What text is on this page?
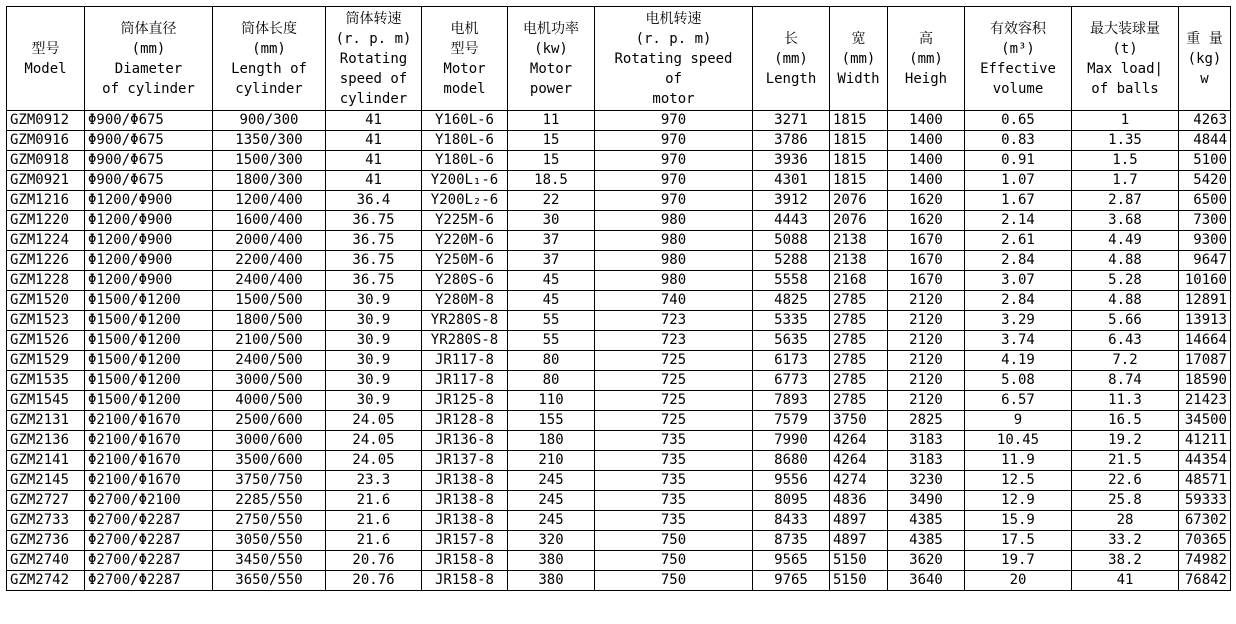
型号
Model	筒体直径
(mm)
Diameter
of cylinder	筒体长度
(mm)
Length of
cylinder	筒体转速
(r. p. m)
Rotating
speed of
cylinder	电机
型号
Motor
model	电机功率
(kw)
Motor
power	电机转速
(r. p. m)
Rotating speed
of
motor	长
(mm)
Length	宽
(mm)
Width	高
(mm)
Heigh	有效容积
(m³)
Effective
volume	最大装球量
(t)
Max load|
of balls	重 量
(kg)
w

GZM0912	Φ900/Φ675	900/300	41	Y160L-6	11	970	3271	1815	1400	0.65	1	4263
GZM0916	Φ900/Φ675	1350/300	41	Y180L-6	15	970	3786	1815	1400	0.83	1.35	4844
GZM0918	Φ900/Φ675	1500/300	41	Y180L-6	15	970	3936	1815	1400	0.91	1.5	5100
GZM0921	Φ900/Φ675	1800/300	41	Y200L₁-6	18.5	970	4301	1815	1400	1.07	1.7	5420
GZM1216	Φ1200/Φ900	1200/400	36.4	Y200L₂-6	22	970	3912	2076	1620	1.67	2.87	6500
GZM1220	Φ1200/Φ900	1600/400	36.75	Y225M-6	30	980	4443	2076	1620	2.14	3.68	7300
GZM1224	Φ1200/Φ900	2000/400	36.75	Y220M-6	37	980	5088	2138	1670	2.61	4.49	9300
GZM1226	Φ1200/Φ900	2200/400	36.75	Y250M-6	37	980	5288	2138	1670	2.84	4.88	9647
GZM1228	Φ1200/Φ900	2400/400	36.75	Y280S-6	45	980	5558	2168	1670	3.07	5.28	10160
GZM1520	Φ1500/Φ1200	1500/500	30.9	Y280M-8	45	740	4825	2785	2120	2.84	4.88	12891
GZM1523	Φ1500/Φ1200	1800/500	30.9	YR280S-8	55	723	5335	2785	2120	3.29	5.66	13913
GZM1526	Φ1500/Φ1200	2100/500	30.9	YR280S-8	55	723	5635	2785	2120	3.74	6.43	14664
GZM1529	Φ1500/Φ1200	2400/500	30.9	JR117-8	80	725	6173	2785	2120	4.19	7.2	17087
GZM1535	Φ1500/Φ1200	3000/500	30.9	JR117-8	80	725	6773	2785	2120	5.08	8.74	18590
GZM1545	Φ1500/Φ1200	4000/500	30.9	JR125-8	110	725	7893	2785	2120	6.57	11.3	21423
GZM2131	Φ2100/Φ1670	2500/600	24.05	JR128-8	155	725	7579	3750	2825	9	16.5	34500
GZM2136	Φ2100/Φ1670	3000/600	24.05	JR136-8	180	735	7990	4264	3183	10.45	19.2	41211
GZM2141	Φ2100/Φ1670	3500/600	24.05	JR137-8	210	735	8680	4264	3183	11.9	21.5	44354
GZM2145	Φ2100/Φ1670	3750/750	23.3	JR138-8	245	735	9556	4274	3230	12.5	22.6	48571
GZM2727	Φ2700/Φ2100	2285/550	21.6	JR138-8	245	735	8095	4836	3490	12.9	25.8	59333
GZM2733	Φ2700/Φ2287	2750/550	21.6	JR138-8	245	735	8433	4897	4385	15.9	28	67302
GZM2736	Φ2700/Φ2287	3050/550	21.6	JR157-8	320	750	8735	4897	4385	17.5	33.2	70365
GZM2740	Φ2700/Φ2287	3450/550	20.76	JR158-8	380	750	9565	5150	3620	19.7	38.2	74982
GZM2742	Φ2700/Φ2287	3650/550	20.76	JR158-8	380	750	9765	5150	3640	20	41	76842
